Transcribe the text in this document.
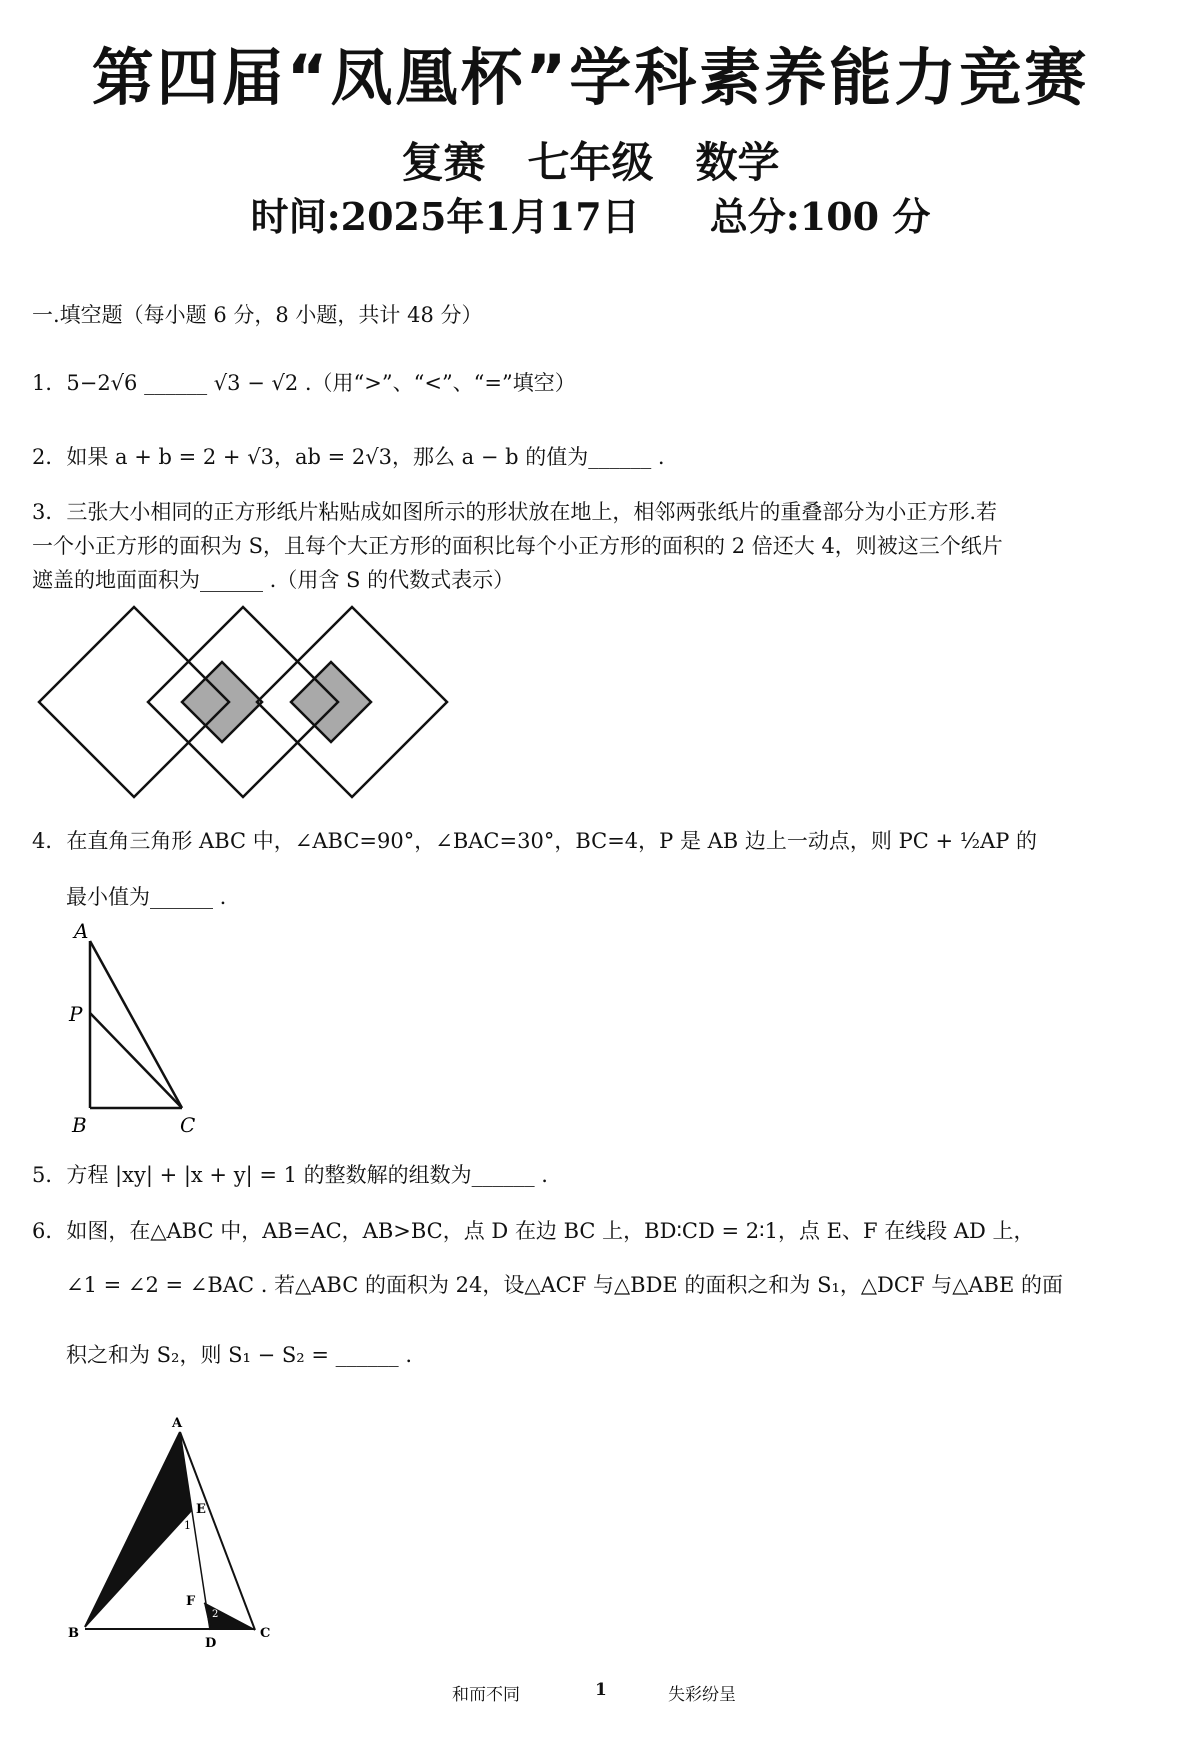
第四届“凤凰杯”学科素养能力竞赛
复赛　七年级　数学
时间:2025年1月17日 总分:100 分
一.填空题（每小题 6 分，8 小题，共计 48 分）
1．5−2√6 ______ √3 − √2 .（用“>”、“<”、“=”填空）
2．如果 a + b = 2 + √3，ab = 2√3，那么 a − b 的值为______ .
3．三张大小相同的正方形纸片粘贴成如图所示的形状放在地上，相邻两张纸片的重叠部分为小正方形.若
一个小正方形的面积为 S，且每个大正方形的面积比每个小正方形的面积的 2 倍还大 4，则被这三个纸片
遮盖的地面面积为______ .（用含 S 的代数式表示）
4．在直角三角形 ABC 中，∠ABC=90°，∠BAC=30°，BC=4，P 是 AB 边上一动点，则 PC + ½AP 的
最小值为______ .
A
P
B	C
5．方程 |xy| + |x + y| = 1 的整数解的组数为______ .
6．如图，在△ABC 中，AB=AC，AB>BC，点 D 在边 BC 上，BD∶CD = 2∶1，点 E、F 在线段 AD 上，
∠1 = ∠2 = ∠BAC . 若△ABC 的面积为 24，设△ACF 与△BDE 的面积之和为 S₁，△DCF 与△ABE 的面
积之和为 S₂，则 S₁ − S₂ = ______ .
A
E
1
F
2
B
D
C
和而不同	1	失彩纷呈
